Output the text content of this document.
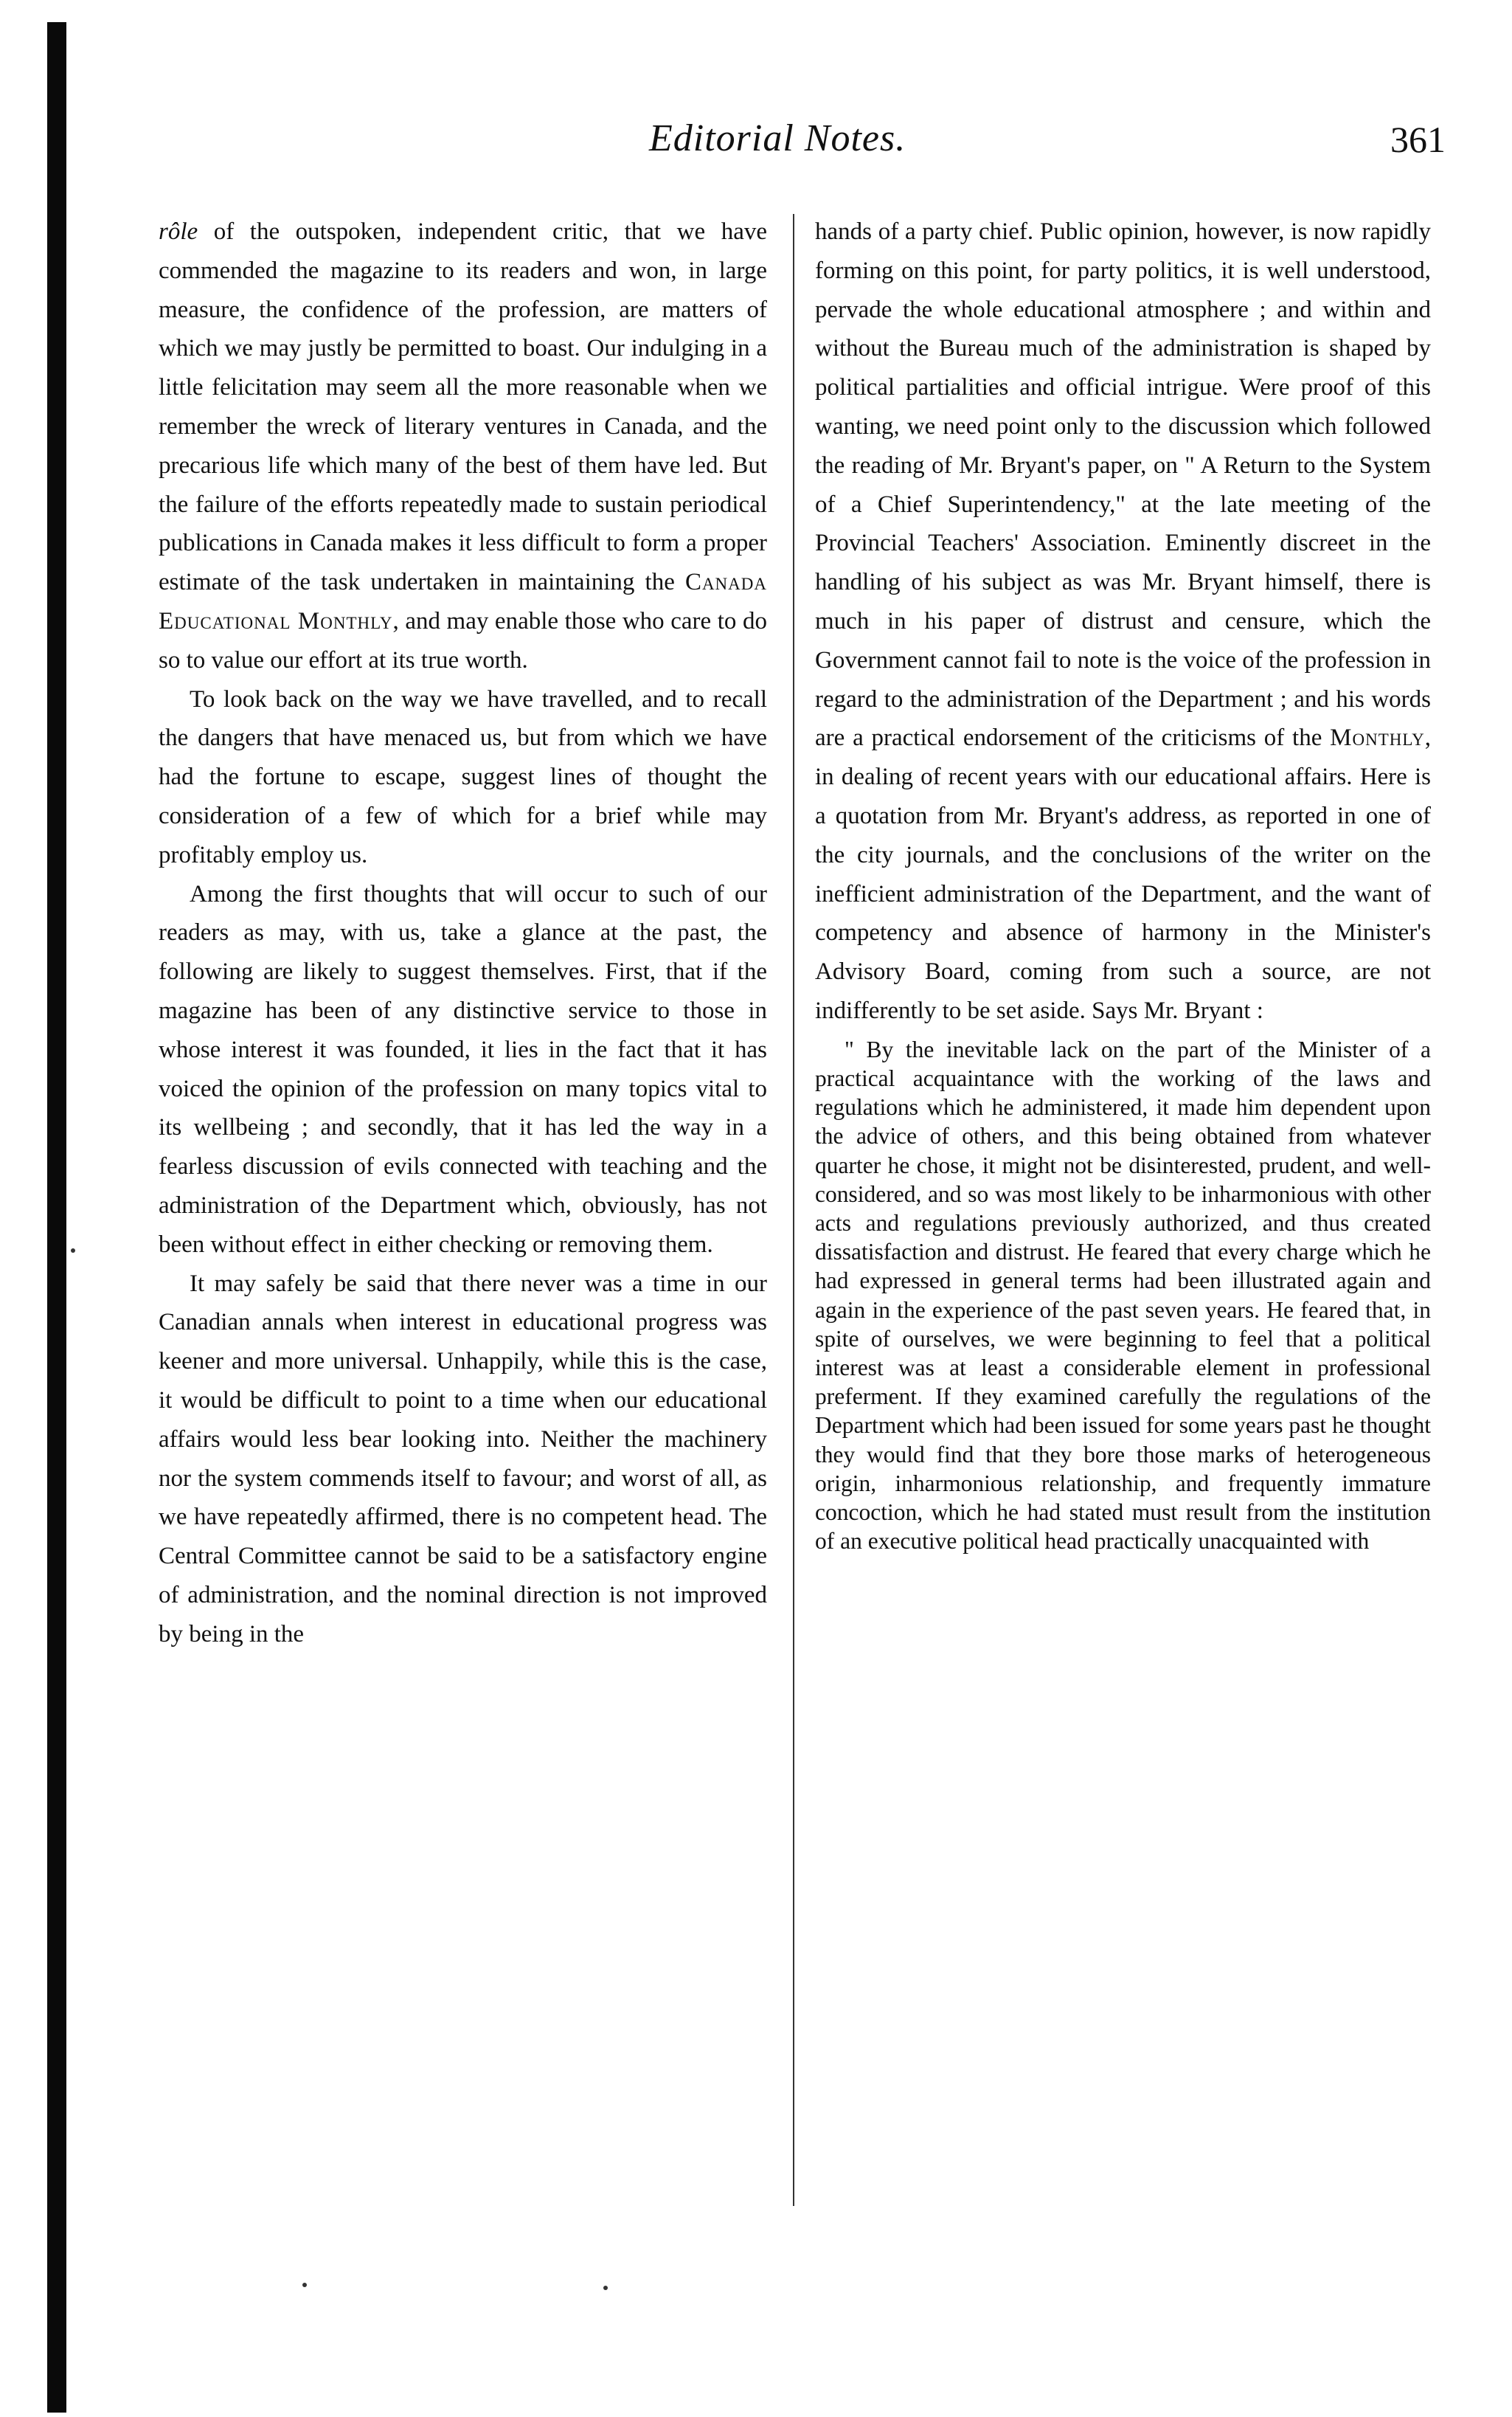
Editorial Notes.	361

rôle of the outspoken, independent critic, that we have commended the magazine to its readers and won, in large measure, the confidence of the profession, are matters of which we may justly be permitted to boast. Our indulging in a little felicitation may seem all the more reasonable when we remember the wreck of literary ventures in Canada, and the precarious life which many of the best of them have led. But the failure of the efforts repeatedly made to sustain periodical publications in Canada makes it less difficult to form a proper estimate of the task undertaken in maintaining the Canada Educational Monthly, and may enable those who care to do so to value our effort at its true worth.

To look back on the way we have travelled, and to recall the dangers that have menaced us, but from which we have had the fortune to escape, suggest lines of thought the consideration of a few of which for a brief while may profitably employ us.

Among the first thoughts that will occur to such of our readers as may, with us, take a glance at the past, the following are likely to suggest themselves. First, that if the magazine has been of any distinctive service to those in whose interest it was founded, it lies in the fact that it has voiced the opinion of the profession on many topics vital to its wellbeing ; and secondly, that it has led the way in a fearless discussion of evils connected with teaching and the administration of the Department which, obviously, has not been without effect in either checking or removing them.

It may safely be said that there never was a time in our Canadian annals when interest in educational progress was keener and more universal. Unhappily, while this is the case, it would be difficult to point to a time when our educational affairs would less bear looking into. Neither the machinery nor the system commends itself to favour; and worst of all, as we have repeatedly affirmed, there is no competent head. The Central Committee cannot be said to be a satisfactory engine of administration, and the nominal direction is not improved by being in the

hands of a party chief. Public opinion, however, is now rapidly forming on this point, for party politics, it is well understood, pervade the whole educational atmosphere ; and within and without the Bureau much of the administration is shaped by political partialities and official intrigue. Were proof of this wanting, we need point only to the discussion which followed the reading of Mr. Bryant's paper, on " A Return to the System of a Chief Superintendency," at the late meeting of the Provincial Teachers' Association. Eminently discreet in the handling of his subject as was Mr. Bryant himself, there is much in his paper of distrust and censure, which the Government cannot fail to note is the voice of the profession in regard to the administration of the Department ; and his words are a practical endorsement of the criticisms of the Monthly, in dealing of recent years with our educational affairs. Here is a quotation from Mr. Bryant's address, as reported in one of the city journals, and the conclusions of the writer on the inefficient administration of the Department, and the want of competency and absence of harmony in the Minister's Advisory Board, coming from such a source, are not indifferently to be set aside. Says Mr. Bryant :

" By the inevitable lack on the part of the Minister of a practical acquaintance with the working of the laws and regulations which he administered, it made him dependent upon the advice of others, and this being obtained from whatever quarter he chose, it might not be disinterested, prudent, and well-considered, and so was most likely to be inharmonious with other acts and regulations previously authorized, and thus created dissatisfaction and distrust. He feared that every charge which he had expressed in general terms had been illustrated again and again in the experience of the past seven years. He feared that, in spite of ourselves, we were beginning to feel that a political interest was at least a considerable element in professional preferment. If they examined carefully the regulations of the Department which had been issued for some years past he thought they would find that they bore those marks of heterogeneous origin, inharmonious relationship, and frequently immature concoction, which he had stated must result from the institution of an executive political head practically unacquainted with
